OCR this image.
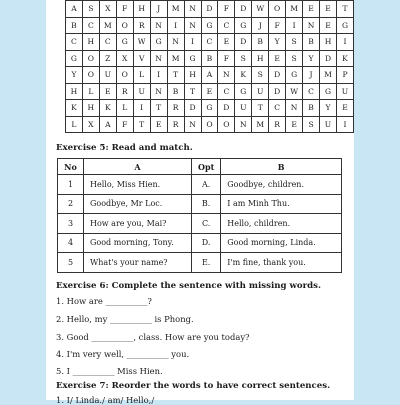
A	S	X	F	H	J	M	N	D	F	D	W	O	M	E	E	T
B	C	M	O	R	N	I	N	G	C	G	J	F	I	N	E	G
C	H	C	G	W	G	N	I	C	E	D	B	Y	S	B	H	I
G	O	Z	X	V	N	M	G	B	F	S	H	E	S	Y	D	K
Y	O	U	O	L	I	T	H	A	N	K	S	D	G	J	M	P
H	L	E	R	U	N	B	T	E	C	G	U	D	W	C	G	U
K	H	K	L	I	T	R	D	G	D	U	T	C	N	B	Y	E
L	X	A	F	T	E	R	N	O	O	N	M	R	E	S	U	I
Exercise 5: Read and match.
No	A	Opt	B
1	Hello, Miss Hien.	A.	Goodbye, children.
2	Goodbye, Mr Loc.	B.	I am Minh Thu.
3	How are you, Mai?	C.	Hello, children.
4	Good morning, Tony.	D.	Good morning, Linda.
5	What's your name?	E.	I'm fine, thank you.
Exercise 6: Complete the sentence with missing words.
1. How are __________?
2. Hello, my __________ is Phong.
3. Good __________, class. How are you today?
4. I'm very well, __________ you.
5. I __________ Miss Hien.
Exercise 7: Reorder the words to have correct sentences.
1. I/ Linda./ am/ Hello,/
